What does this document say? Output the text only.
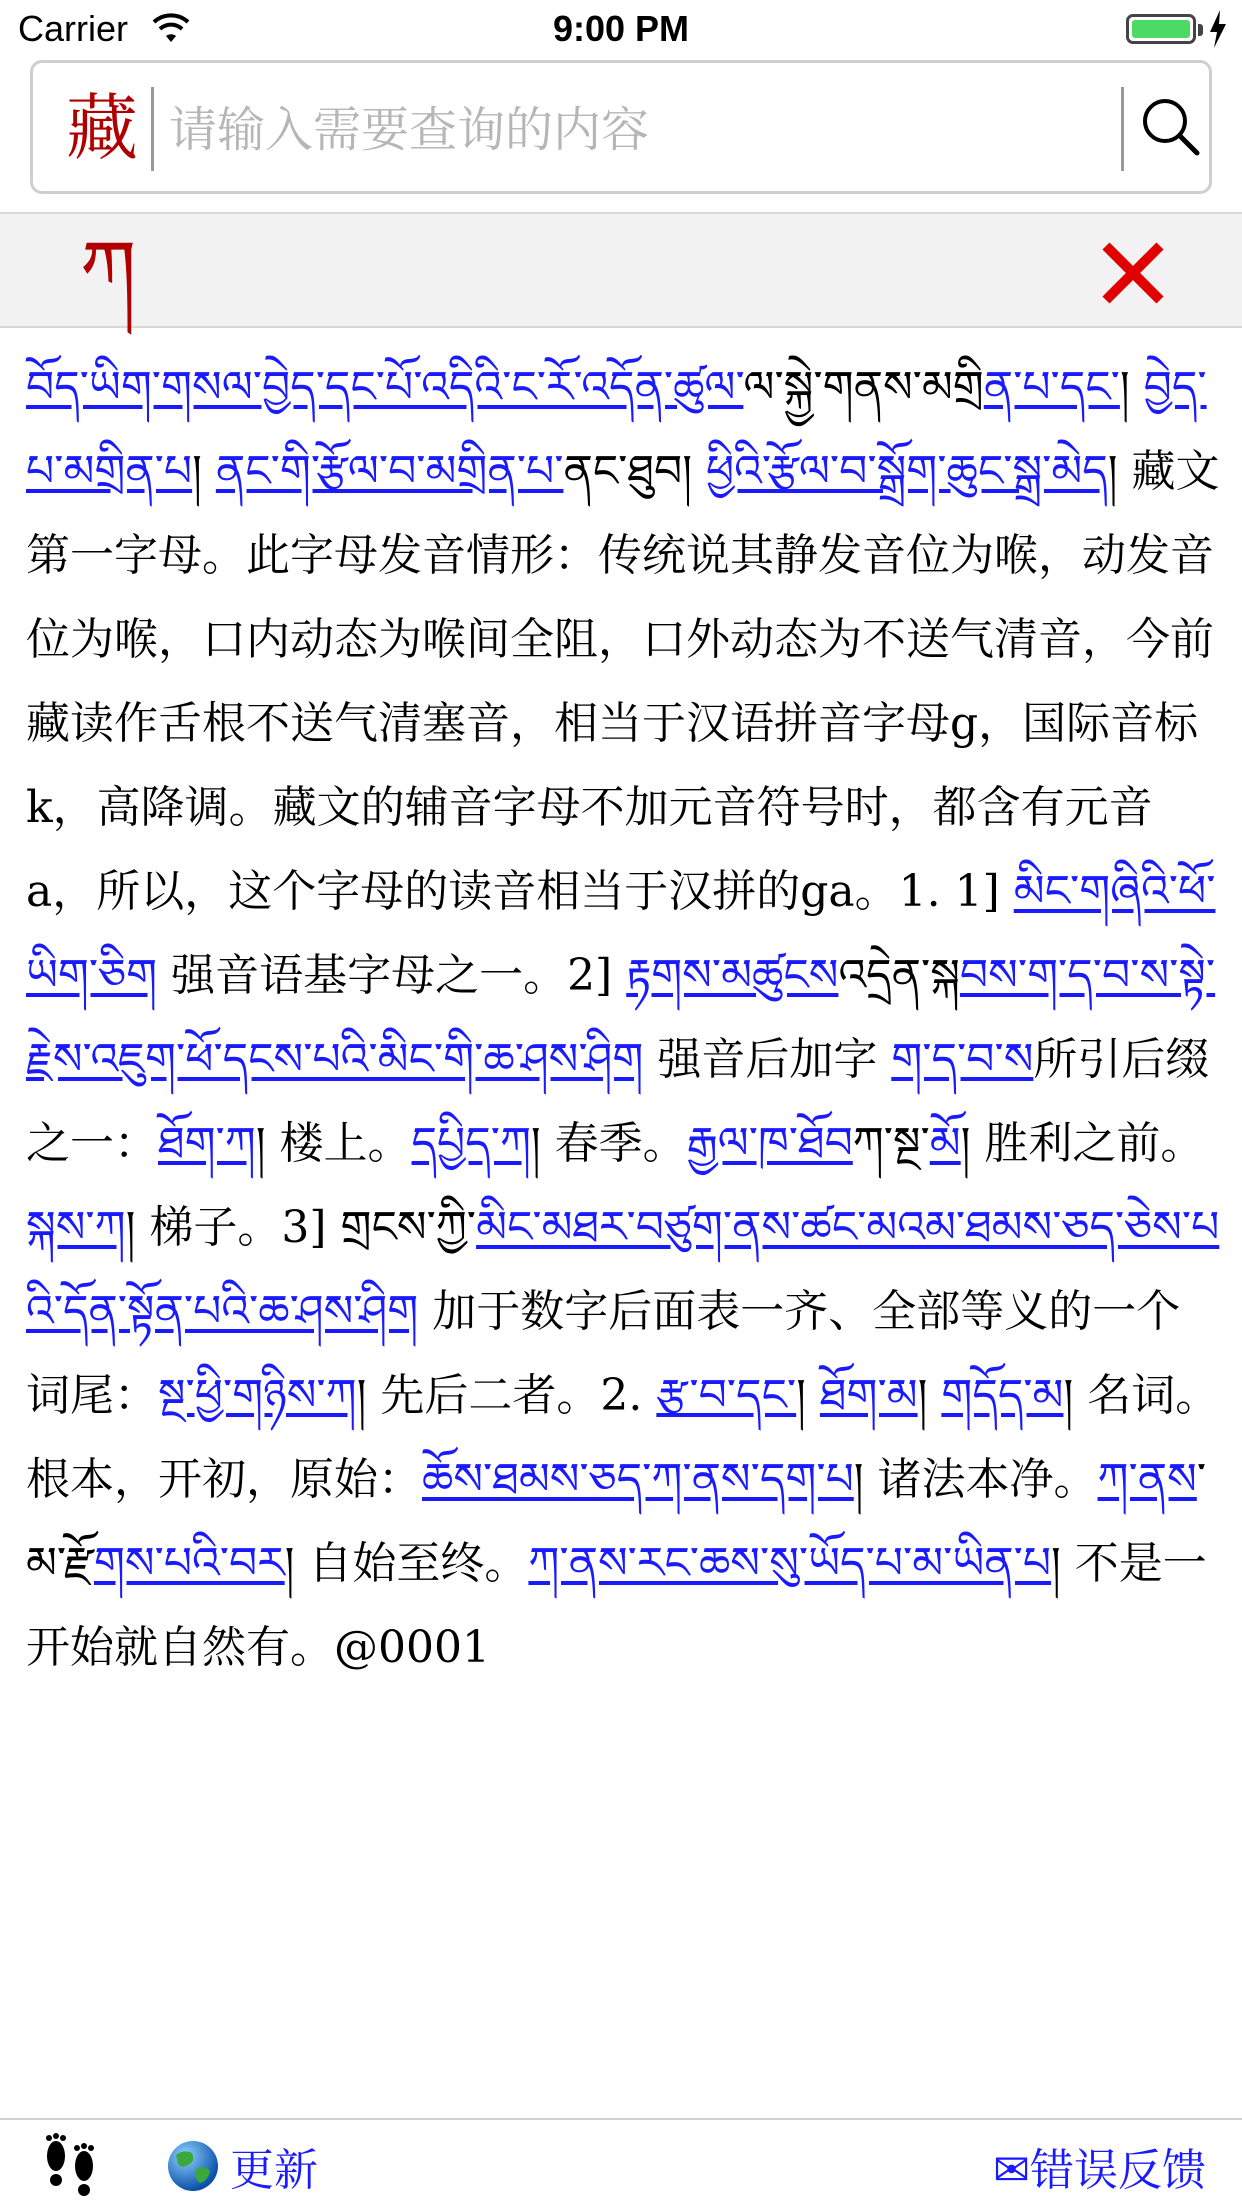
Carrier	9:00 PM
藏
请输入需要查询的内容
ཀ
བོད་ཡིག་གསལ་བྱེད་དང་པོ་འདིའི་ང་རོ་འདོན་ཚུལ་ལ་སྐྱེ་གནས་མགྲིན་པ་དང་། བྱེད་པ་མགྲིན་པ། ནང་གི་རྩོལ་བ་མགྲིན་པ་ནང་ཐུབ། ཕྱིའི་རྩོལ་བ་སྒྲོག་ཆུང་སྒྲ་མེད། 藏文第一字母。此字母发音情形：传统说其静发音位为喉，动发音位为喉，口内动态为喉间全阻，口外动态为不送气清音，今前藏读作舌根不送气清塞音，相当于汉语拼音字母g，国际音标k，高降调。藏文的辅音字母不加元音符号时，都含有元音a，所以，这个字母的读音相当于汉拼的ga。1. 1] མིང་གཞིའི་ཕོ་ཡིག་ཅིག 强音语基字母之一。2] རྟགས་མཚུངསའདྲེན་སྐབས་ག་ད་བ་ས་སྟེ་རྗེས་འཇུག་ཕོ་དངས་པའི་མིང་གི་ཆ་ཤས་ཤིག 强音后加字 ག་ད་བ་ས所引后缀之一：ཐོག་ཀ། 楼上。དཔྱིད་ཀ། 春季。རྒྱལ་ཁ་ཐོབཀ་སྔ་མོ། 胜利之前。སྐས་ཀ། 梯子。3] གྲངས་ཀྱི་མིང་མཐར་བཙུག་ནས་ཚང་མའམ་ཐམས་ཅད་ཅེས་པའི་དོན་སྟོན་པའི་ཆ་ཤས་ཤིག 加于数字后面表一齐、全部等义的一个词尾：སྔ་ཕྱི་གཉིས་ཀ། 先后二者。2. རྩ་བ་དང་། ཐོག་མ། གདོད་མ། 名词。根本，开初，原始：ཆོས་ཐམས་ཅད་ཀ་ནས་དག་པ། 诸法本净。ཀ་ནས་མ་རྫོགས་པའི་བར། 自始至终。ཀ་ནས་རང་ཆས་སུ་ཡོད་པ་མ་ཡིན་པ། 不是一开始就自然有。@0001
更新	✉错误反馈
